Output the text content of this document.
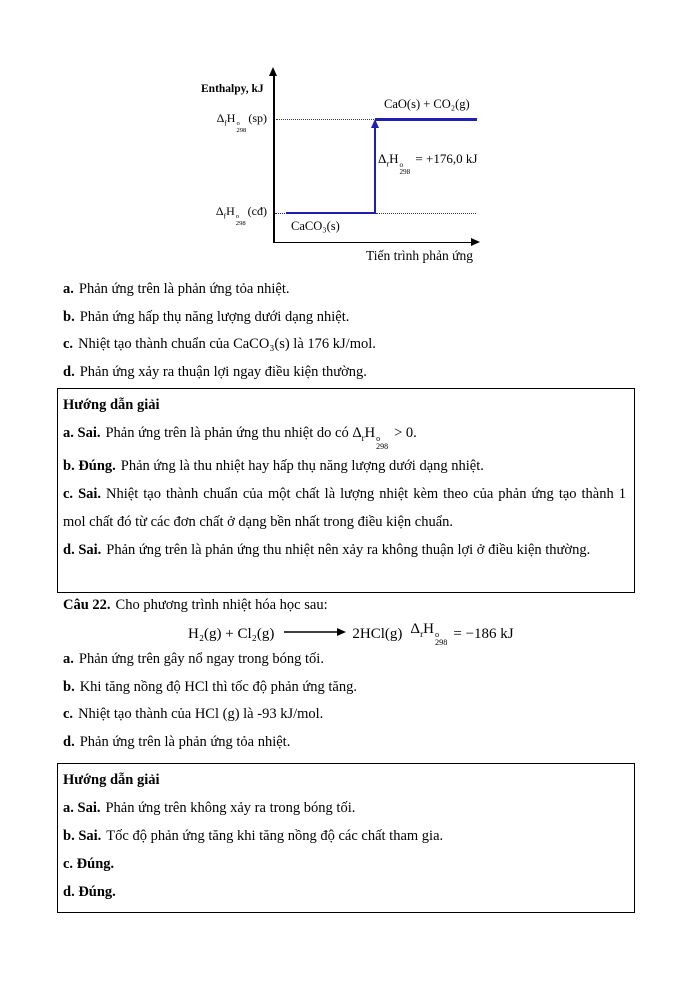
Enthalpy, kJ
Tiến trình phản ứng
$\Delta_fH$ o
298
(sp)
$\Delta_fH$ o
298
(cđ)
CaO(s) + CO₂(g)
CaCO₃(s)
$\Delta_rH$ o
298
= +176,0 kJ

a. Phản ứng trên là phản ứng tỏa nhiệt.

b. Phản ứng hấp thụ năng lượng dưới dạng nhiệt.

c. Nhiệt tạo thành chuẩn của CaCO₃(s) là 176 kJ/mol.

d. Phản ứng xảy ra thuận lợi ngay điều kiện thường.

Hướng dẫn giải

a. Sai. Phản ứng trên là phản ứng thu nhiệt do có $\Delta_rH$ o
298
> 0.

b. Đúng. Phản ứng là thu nhiệt hay hấp thụ năng lượng dưới dạng nhiệt.

c. Sai. Nhiệt tạo thành chuẩn của một chất là lượng nhiệt kèm theo của phản ứng tạo thành 1 mol chất đó từ các đơn chất ở dạng bền nhất trong điều kiện chuẩn.

d. Sai. Phản ứng trên là phản ứng thu nhiệt nên xảy ra không thuận lợi ở điều kiện thường.

Câu 22. Cho phương trình nhiệt hóa học sau:

H₂(g) + Cl₂(g)	2HCl(g) $\Delta_rH$ o
298
= −186 kJ

a. Phản ứng trên gây nổ ngay trong bóng tối.

b. Khi tăng nồng độ HCl thì tốc độ phản ứng tăng.

c. Nhiệt tạo thành của HCl (g) là -93 kJ/mol.

d. Phản ứng trên là phản ứng tỏa nhiệt.

Hướng dẫn giải

a. Sai. Phản ứng trên không xảy ra trong bóng tối.

b. Sai. Tốc độ phản ứng tăng khi tăng nồng độ các chất tham gia.

c. Đúng.

d. Đúng.
